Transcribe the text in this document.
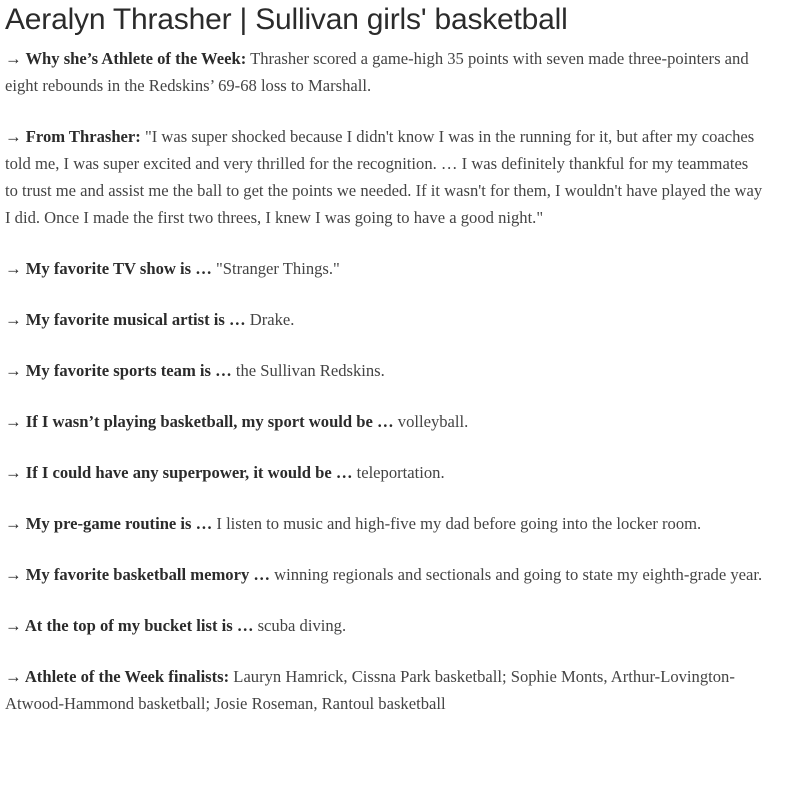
Aeralyn Thrasher | Sullivan girls' basketball

→ Why she’s Athlete of the Week: Thrasher scored a game-high 35 points with seven made three-pointers and eight rebounds in the Redskins’ 69-68 loss to Marshall.

→ From Thrasher: "I was super shocked because I didn't know I was in the running for it, but after my coaches told me, I was super excited and very thrilled for the recognition. … I was definitely thankful for my teammates to trust me and assist me the ball to get the points we needed. If it wasn't for them, I wouldn't have played the way I did. Once I made the first two threes, I knew I was going to have a good night."

→ My favorite TV show is … "Stranger Things."

→ My favorite musical artist is … Drake.

→ My favorite sports team is … the Sullivan Redskins.

→ If I wasn’t playing basketball, my sport would be … volleyball.

→ If I could have any superpower, it would be … teleportation.

→ My pre-game routine is … I listen to music and high-five my dad before going into the locker room.

→ My favorite basketball memory … winning regionals and sectionals and going to state my eighth-grade year.

→ At the top of my bucket list is … scuba diving.

→ Athlete of the Week finalists: Lauryn Hamrick, Cissna Park basketball; Sophie Monts, Arthur-Lovington-Atwood-Hammond basketball; Josie Roseman, Rantoul basketball
